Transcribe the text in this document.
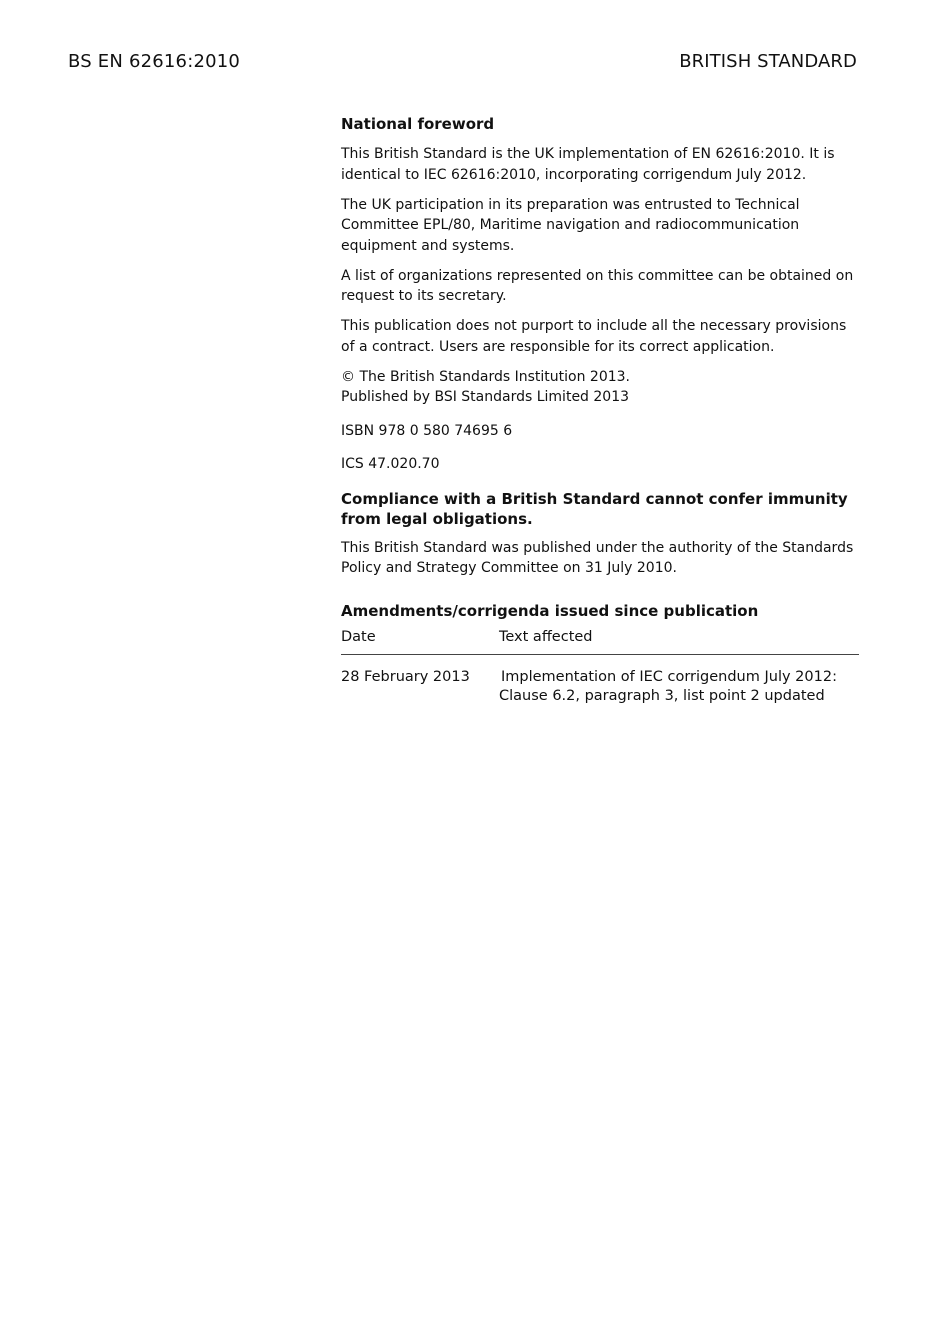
BS EN 62616:2010	BRITISH STANDARD
National foreword
This British Standard is the UK implementation of EN 62616:2010. It is identical to IEC 62616:2010, incorporating corrigendum July 2012.
The UK participation in its preparation was entrusted to Technical Committee EPL/80, Maritime navigation and radiocommunication equipment and systems.
A list of organizations represented on this committee can be obtained on request to its secretary.
This publication does not purport to include all the necessary provisions of a contract. Users are responsible for its correct application.
© The British Standards Institution 2013.
Published by BSI Standards Limited 2013
ISBN 978 0 580 74695 6
ICS 47.020.70
Compliance with a British Standard cannot confer immunity from legal obligations.
This British Standard was published under the authority of the Standards Policy and Strategy Committee on 31 July 2010.
Amendments/corrigenda issued since publication
Date	Text affected
28 February 2013	Implementation of IEC corrigendum July 2012:
Clause 6.2, paragraph 3, list point 2 updated
